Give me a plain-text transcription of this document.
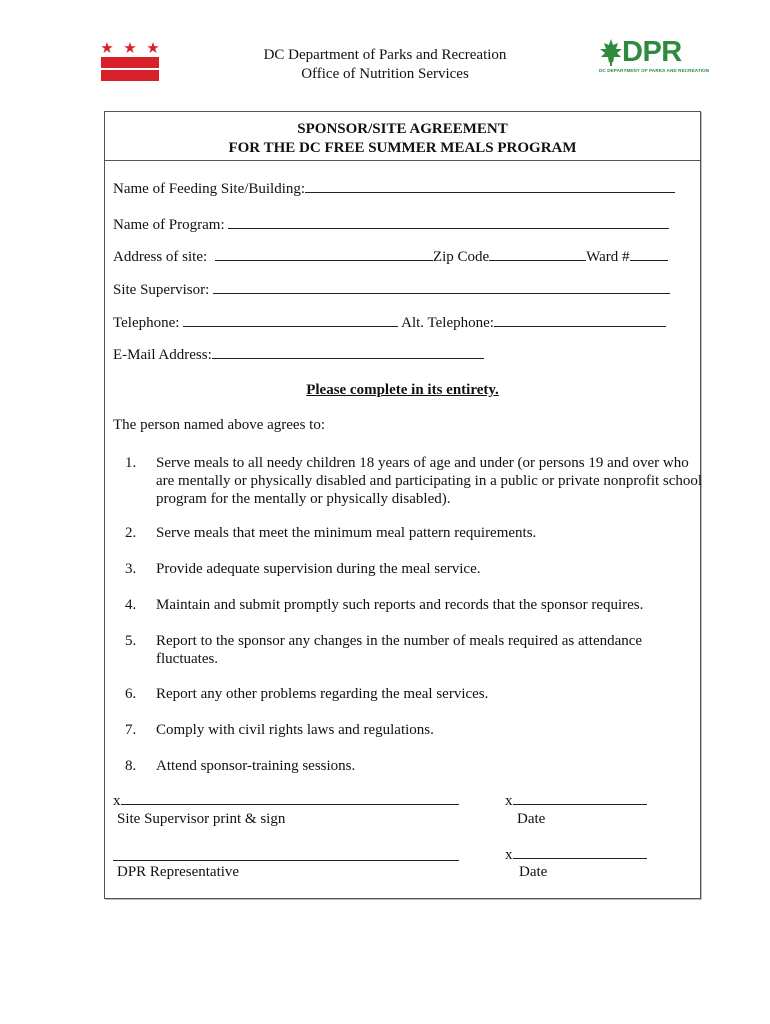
DC Department of Parks and Recreation
Office of Nutrition Services
DPR
DC DEPARTMENT OF PARKS AND RECREATION
SPONSOR/SITE AGREEMENT
FOR THE DC FREE SUMMER MEALS PROGRAM
Name of Feeding Site/Building:
Name of Program:
Address of site:	Zip Code	Ward #
Site Supervisor:
Telephone:	Alt. Telephone:
E-Mail Address:
Please complete in its entirety.
The person named above agrees to:
1. Serve meals to all needy children 18 years of age and under (or persons 19 and over who are mentally or physically disabled and participating in a public or private nonprofit school program for the mentally or physically disabled).
2. Serve meals that meet the minimum meal pattern requirements.
3. Provide adequate supervision during the meal service.
4. Maintain and submit promptly such reports and records that the sponsor requires.
5. Report to the sponsor any changes in the number of meals required as attendance fluctuates.
6. Report any other problems regarding the meal services.
7. Comply with civil rights laws and regulations.
8. Attend sponsor-training sessions.
x
Site Supervisor print & sign
x
Date
DPR Representative
x
Date
